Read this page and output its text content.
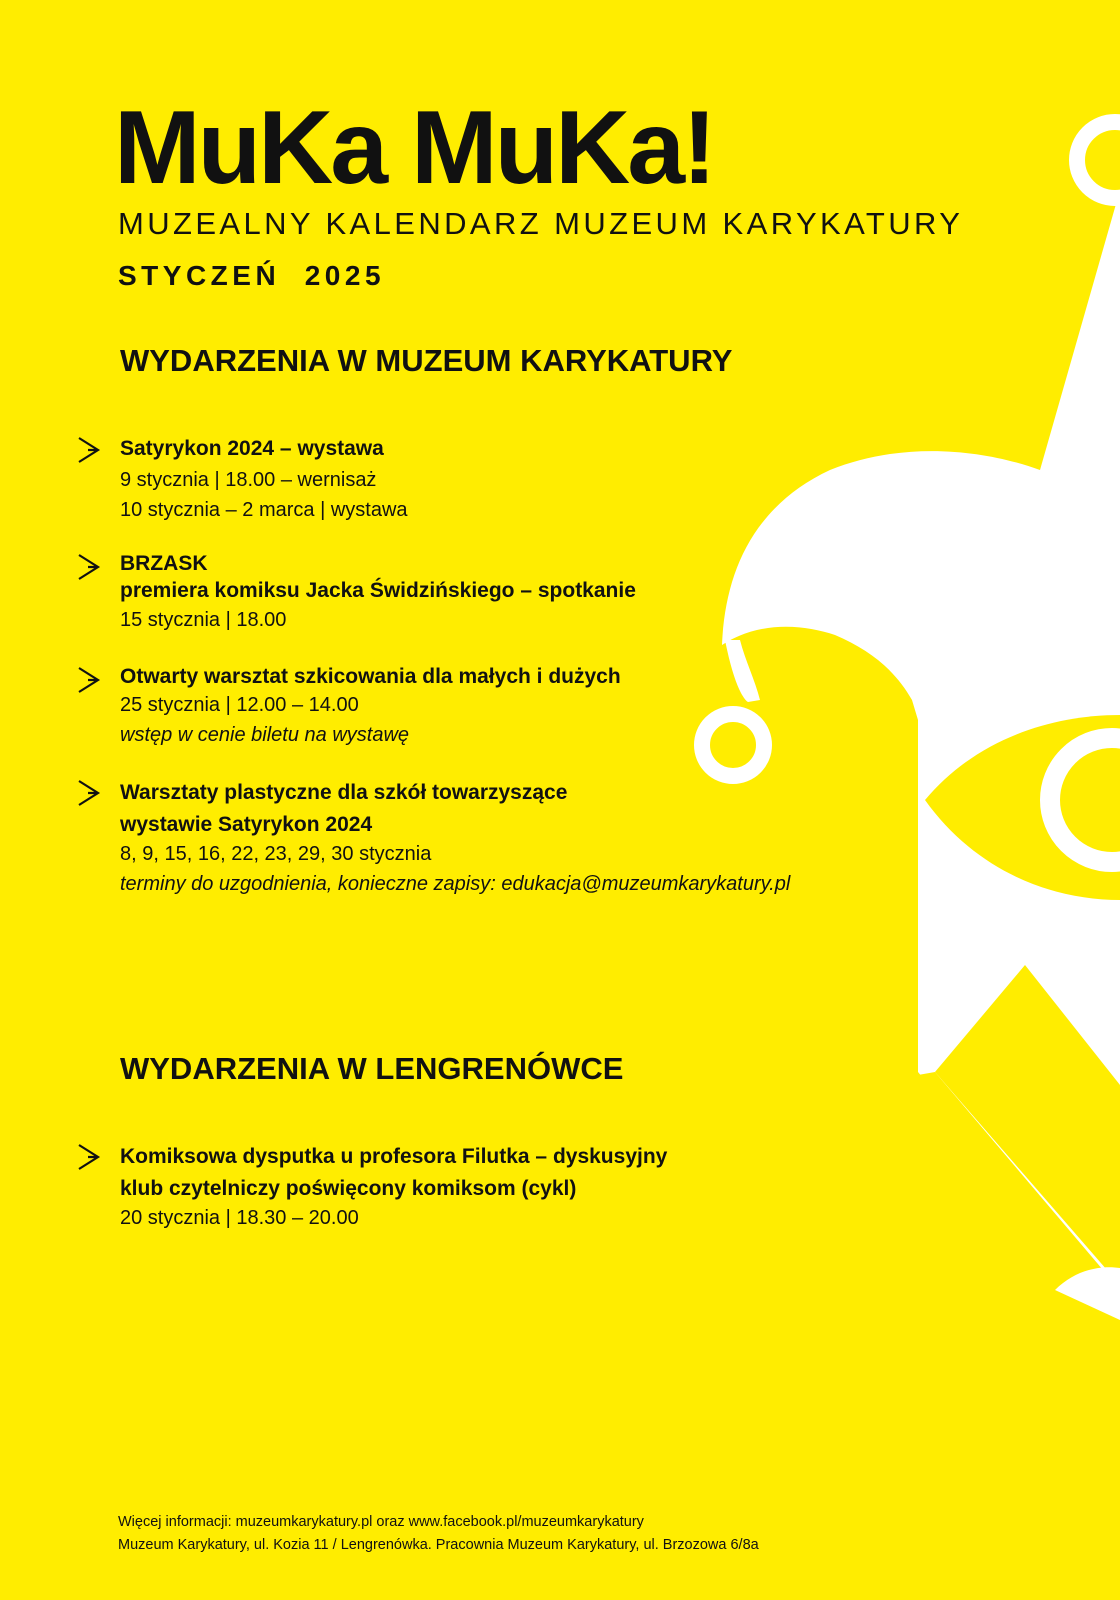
MuKa MuKa!
MUZEALNY KALENDARZ MUZEUM KARYKATURY
STYCZEŃ  2025
WYDARZENIA W MUZEUM KARYKATURY
Satyrykon 2024 – wystawa
9 stycznia | 18.00 – wernisaż
10 stycznia – 2 marca | wystawa
BRZASK
premiera komiksu Jacka Świdzińskiego – spotkanie
15 stycznia | 18.00
Otwarty warsztat szkicowania dla małych i dużych
25 stycznia | 12.00 – 14.00
wstęp w cenie biletu na wystawę
Warsztaty plastyczne dla szkół towarzyszące
wystawie Satyrykon 2024
8, 9, 15, 16, 22, 23, 29, 30 stycznia
terminy do uzgodnienia, konieczne zapisy: edukacja@muzeumkarykatury.pl
WYDARZENIA W LENGRENÓWCE
Komiksowa dysputka u profesora Filutka – dyskusyjny
klub czytelniczy poświęcony komiksom (cykl)
20 stycznia | 18.30 – 20.00
Więcej informacji: muzeumkarykatury.pl oraz www.facebook.pl/muzeumkarykatury
Muzeum Karykatury, ul. Kozia 11 / Lengrenówka. Pracownia Muzeum Karykatury, ul. Brzozowa 6/8a
